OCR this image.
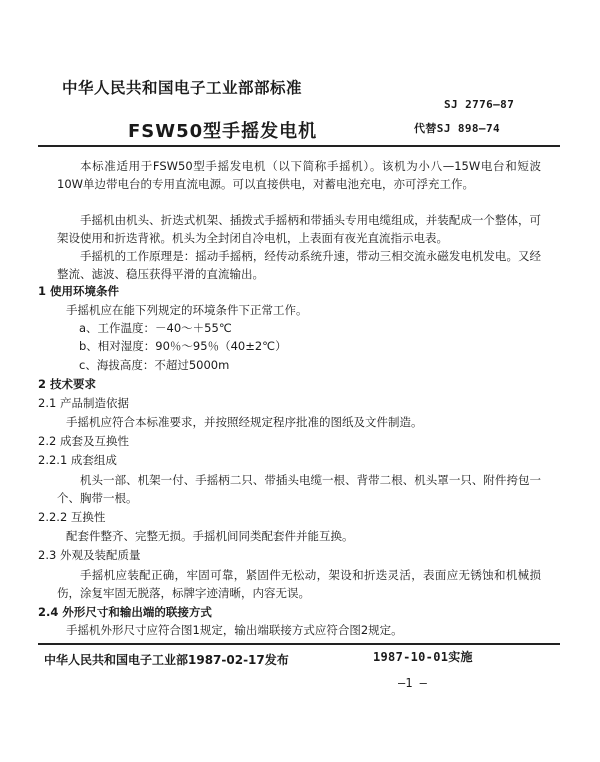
中华人民共和国电子工业部部标准
SJ 2776—87
FSW50型手摇发电机	代替SJ 898—74
本标准适用于FSW50型手摇发电机（以下简称手摇机）。该机为小八—15W电台和短波10W单边带电台的专用直流电源。可以直接供电，对蓄电池充电，亦可浮充工作。
手摇机由机头、折迭式机架、插拨式手摇柄和带插头专用电缆组成，并装配成一个整体，可架设使用和折迭背袱。机头为全封闭自冷电机，上表面有夜光直流指示电表。
手摇机的工作原理是：摇动手摇柄，经传动系统升速，带动三相交流永磁发电机发电。又经整流、滤波、稳压获得平滑的直流输出。
1 使用环境条件
手摇机应在能下列规定的环境条件下正常工作。
a、工作温度：－40～＋55℃
b、相对湿度：90％～95％（40±2℃）
c、海拔高度：不超过5000m
2 技术要求
2.1 产品制造依据
手摇机应符合本标准要求，并按照经规定程序批准的图纸及文件制造。
2.2 成套及互换性
2.2.1 成套组成
机头一部、机架一付、手摇柄二只、带插头电缆一根、背带二根、机头罩一只、附件挎包一个、胸带一根。
2.2.2 互换性
配套件整齐、完整无损。手摇机间同类配套件并能互换。
2.3 外观及装配质量
手摇机应装配正确，牢固可靠，紧固件无松动，架设和折迭灵活，表面应无锈蚀和机械损伤，涂复牢固无脱落，标牌字迹清晰，内容无误。
2.4 外形尺寸和输出端的联接方式
手摇机外形尺寸应符合图1规定，输出端联接方式应符合图2规定。
中华人民共和国电子工业部1987-02-17发布	1987-10-01实施
—1 —
